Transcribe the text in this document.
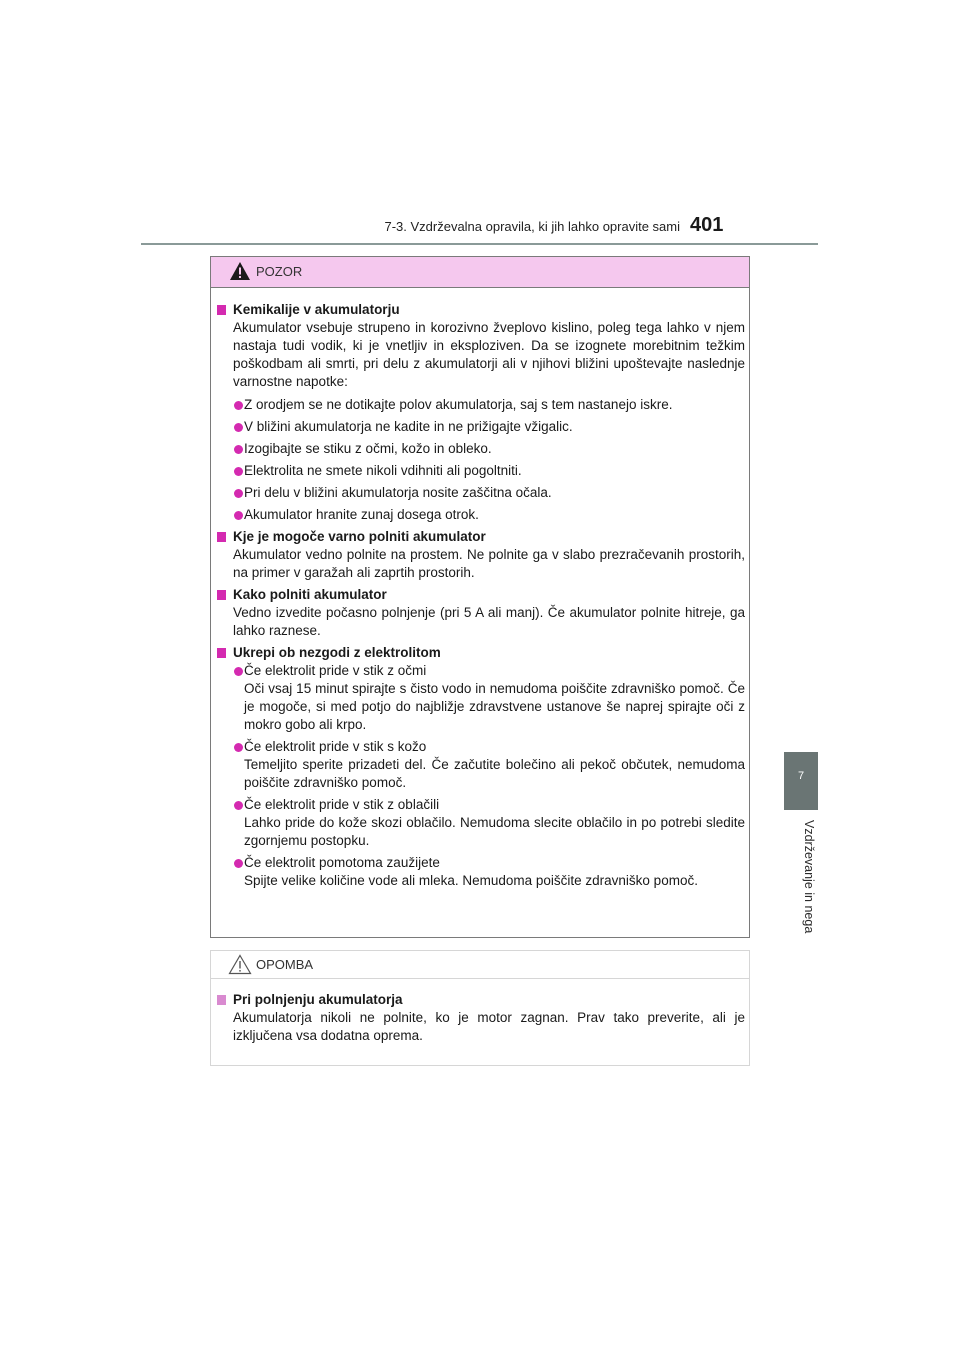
7-3. Vzdrževalna opravila, ki jih lahko opravite sami 401
7
Vzdrževanje in nega
POZOR
Kemikalije v akumulatorju
Akumulator vsebuje strupeno in korozivno žveplovo kislino, poleg tega lahko v njem nastaja tudi vodik, ki je vnetljiv in eksploziven. Da se izognete morebitnim težkim poškodbam ali smrti, pri delu z akumulatorji ali v njihovi bližini upoštevajte naslednje varnostne napotke:
Z orodjem se ne dotikajte polov akumulatorja, saj s tem nastanejo iskre.
V bližini akumulatorja ne kadite in ne prižigajte vžigalic.
Izogibajte se stiku z očmi, kožo in obleko.
Elektrolita ne smete nikoli vdihniti ali pogoltniti.
Pri delu v bližini akumulatorja nosite zaščitna očala.
Akumulator hranite zunaj dosega otrok.
Kje je mogoče varno polniti akumulator
Akumulator vedno polnite na prostem. Ne polnite ga v slabo prezračevanih prostorih, na primer v garažah ali zaprtih prostorih.
Kako polniti akumulator
Vedno izvedite počasno polnjenje (pri 5 A ali manj). Če akumulator polnite hitreje, ga lahko raznese.
Ukrepi ob nezgodi z elektrolitom
Če elektrolit pride v stik z očmi
Oči vsaj 15 minut spirajte s čisto vodo in nemudoma poiščite zdravniško pomoč. Če je mogoče, si med potjo do najbližje zdravstvene ustanove še naprej spirajte oči z mokro gobo ali krpo.
Če elektrolit pride v stik s kožo
Temeljito sperite prizadeti del. Če začutite bolečino ali pekoč občutek, nemudoma poiščite zdravniško pomoč.
Če elektrolit pride v stik z oblačili
Lahko pride do kože skozi oblačilo. Nemudoma slecite oblačilo in po potrebi sledite zgornjemu postopku.
Če elektrolit pomotoma zaužijete
Spijte velike količine vode ali mleka. Nemudoma poiščite zdravniško pomoč.
OPOMBA
Pri polnjenju akumulatorja
Akumulatorja nikoli ne polnite, ko je motor zagnan. Prav tako preverite, ali je izključena vsa dodatna oprema.
